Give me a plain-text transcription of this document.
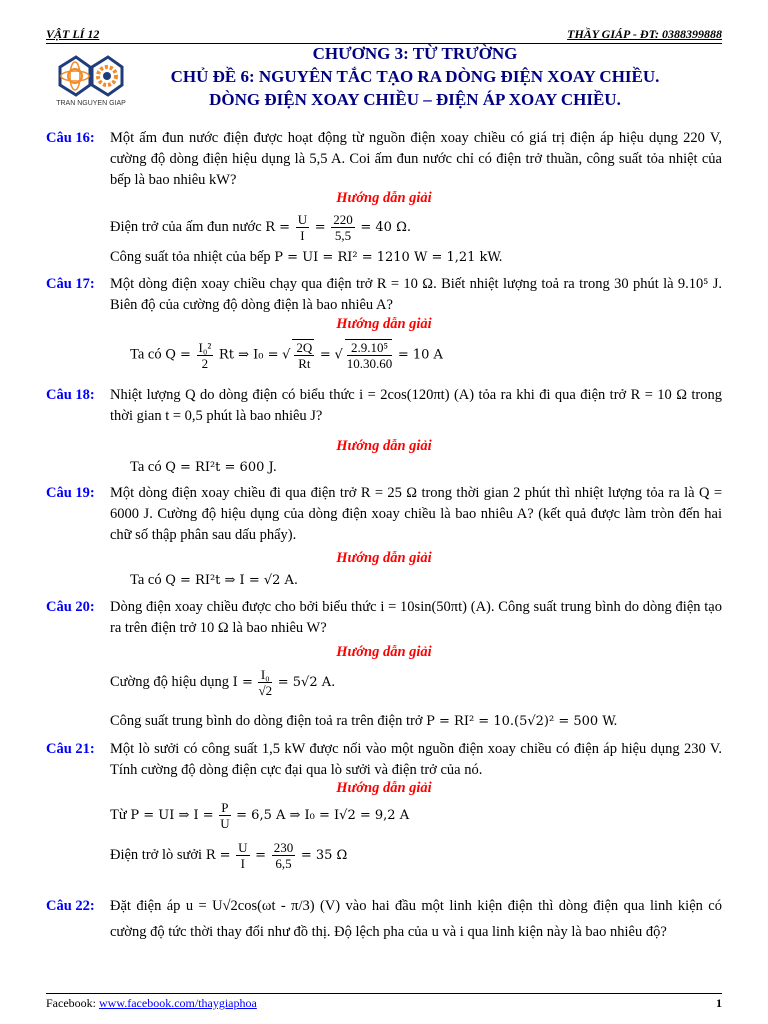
VẬT LÍ 12	THẦY GIÁP - ĐT: 0388399888
TRAN NGUYEN GIAP
CHƯƠNG 3: TỪ TRƯỜNG
CHỦ ĐỀ 6: NGUYÊN TẮC TẠO RA DÒNG ĐIỆN XOAY CHIỀU.
DÒNG ĐIỆN XOAY CHIỀU – ĐIỆN ÁP XOAY CHIỀU.
Câu 16: Một ấm đun nước điện được hoạt động từ nguồn điện xoay chiều có giá trị điện áp hiệu dụng 220 V, cường độ dòng điện hiệu dụng là 5,5 A. Coi ấm đun nước chỉ có điện trở thuần, công suất tỏa nhiệt của bếp là bao nhiêu kW?
Hướng dẫn giải
Điện trở của ấm đun nước $R = \frac{U}{I} = \frac{220}{5,5} = 40$ Ω.
Công suất tỏa nhiệt của bếp P = UI = RI² = 1210 W = 1,21 kW.
Câu 17: Một dòng điện xoay chiều chạy qua điện trở R = 10 Ω. Biết nhiệt lượng toả ra trong 30 phút là 9.10⁵ J. Biên độ của cường độ dòng điện là bao nhiêu A?
Hướng dẫn giải
Ta có $Q = \frac{\text{I₀²}}{2}$ Rt ⇒ I₀ = √ $\frac{2Q}{Rt}$ = √ $\frac{\text{2.9.10⁵}}{10.30.60} = 10$ A
Câu 18: Nhiệt lượng Q do dòng điện có biểu thức i = 2cos(120πt) (A) tỏa ra khi đi qua điện trở R = 10 Ω trong thời gian t = 0,5 phút là bao nhiêu J?
Hướng dẫn giải
Ta có Q = RI²t = 600 J.
Câu 19: Một dòng điện xoay chiều đi qua điện trở R = 25 Ω trong thời gian 2 phút thì nhiệt lượng tỏa ra là Q = 6000 J. Cường độ hiệu dụng của dòng điện xoay chiều là bao nhiêu A? (kết quả được làm tròn đến hai chữ số thập phân sau dấu phẩy).
Hướng dẫn giải
Ta có Q = RI²t ⇒ I = √2 A.
Câu 20: Dòng điện xoay chiều được cho bởi biểu thức i = 10sin(50πt) (A). Công suất trung bình do dòng điện tạo ra trên điện trở 10 Ω là bao nhiêu W?
Hướng dẫn giải
Cường độ hiệu dụng $I = \frac{\text{I₀}}{√2} = 5√2$ A.
Công suất trung bình do dòng điện toả ra trên điện trở P = RI² = 10.(5√2)² = 500 W.
Câu 21: Một lò sưởi có công suất 1,5 kW được nối vào một nguồn điện xoay chiều có điện áp hiệu dụng 230 V. Tính cường độ dòng điện cực đại qua lò sưởi và điện trở của nó.
Hướng dẫn giải
Từ P = UI ⇒ $I = \frac{P}{U} = 6,5$ A ⇒ I₀ = I√2 = 9,2 A
Điện trở lò sưởi $R = \frac{U}{I} = \frac{230}{6,5} = 35$ Ω
Câu 22: Đặt điện áp u = U√2cos(ωt - π/3) (V) vào hai đầu một linh kiện điện thì dòng điện qua linh kiện có cường độ tức thời thay đổi như đồ thị. Độ lệch pha của u và i qua linh kiện này là bao nhiêu độ?
Facebook: www.facebook.com/thaygiaphoa	1
